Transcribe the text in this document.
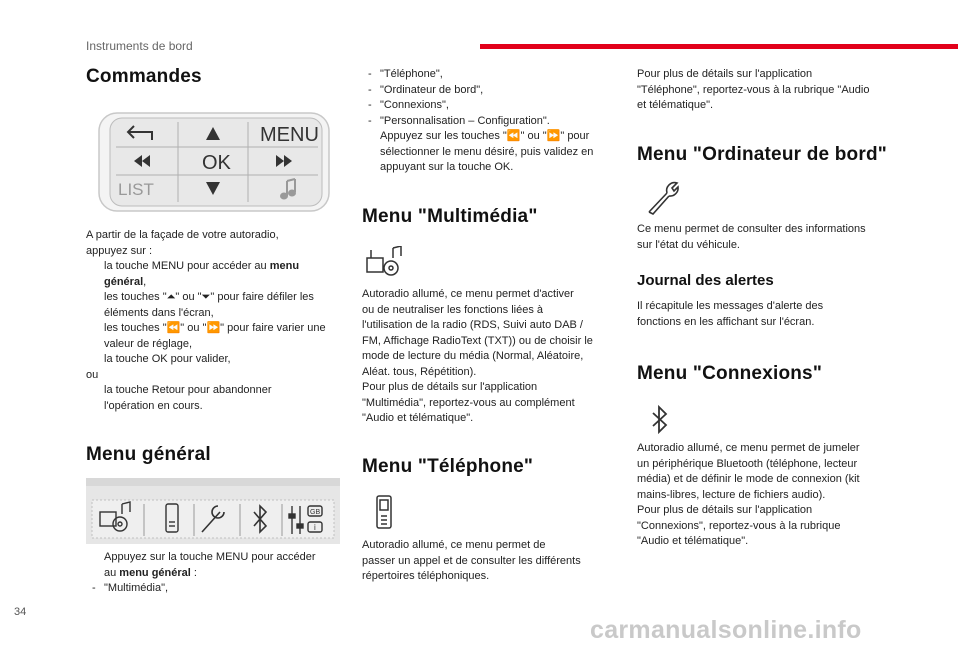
Instruments de bord
Commandes
MENU
OK
LIST

A partir de la façade de votre autoradio,

appuyez sur :

la touche MENU pour accéder au menu

général,

les touches "⏶" ou "⏷" pour faire défiler les

éléments dans l'écran,

les touches "⏪" ou "⏩" pour faire varier une

valeur de réglage,

la touche OK pour valider,

ou

la touche Retour pour abandonner

l'opération en cours.

Menu général
GB
i

Appuyez sur la touche MENU pour accéder

au menu général :

- "Multimédia",

- "Téléphone",

- "Ordinateur de bord",

- "Connexions",

- "Personnalisation – Configuration".

Appuyez sur les touches "⏪" ou "⏩" pour

sélectionner le menu désiré, puis validez en

appuyant sur la touche OK.

Menu "Multimédia"

Autoradio allumé, ce menu permet d'activer

ou de neutraliser les fonctions liées à

l'utilisation de la radio (RDS, Suivi auto DAB /

FM, Affichage RadioText (TXT)) ou de choisir le

mode de lecture du média (Normal, Aléatoire,

Aléat. tous, Répétition).

Pour plus de détails sur l'application

"Multimédia", reportez-vous au complément

"Audio et télématique".

Menu "Téléphone"

Autoradio allumé, ce menu permet de

passer un appel et de consulter les différents

répertoires téléphoniques.

Pour plus de détails sur l'application

"Téléphone", reportez-vous à la rubrique "Audio

et télématique".

Menu "Ordinateur de bord"

Ce menu permet de consulter des informations

sur l'état du véhicule.

Journal des alertes

Il récapitule les messages d'alerte des

fonctions en les affichant sur l'écran.

Menu "Connexions"

Autoradio allumé, ce menu permet de jumeler

un périphérique Bluetooth (téléphone, lecteur

média) et de définir le mode de connexion (kit

mains-libres, lecture de fichiers audio).

Pour plus de détails sur l'application

"Connexions", reportez-vous à la rubrique

"Audio et télématique".

34
carmanualsonline.info
